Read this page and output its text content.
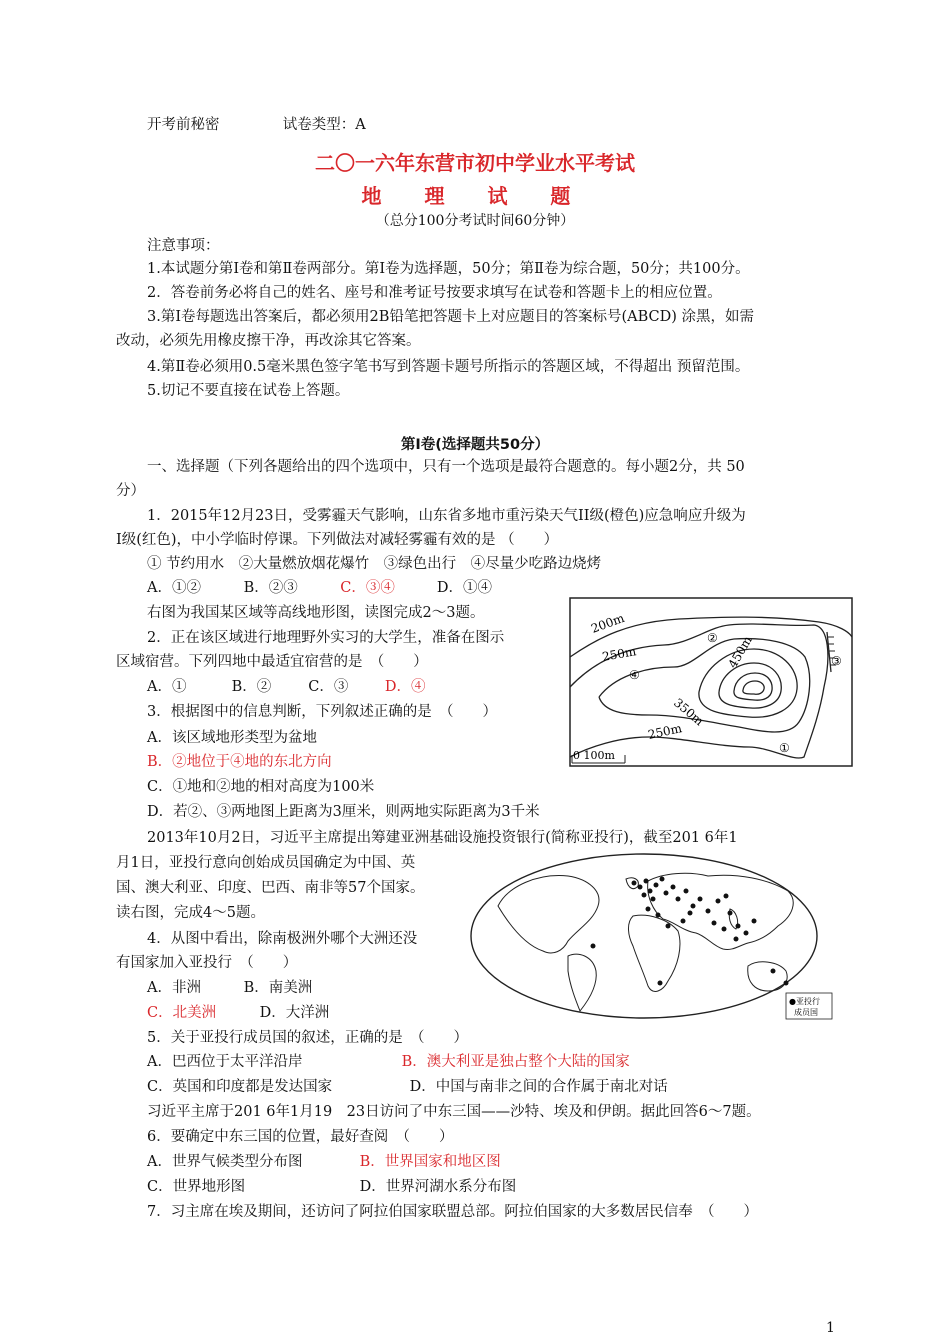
开考前秘密	试卷类型：A
二〇一六年东营市初中学业水平考试
地 理 试 题
（总分100分考试时间60分钟）
注意事项：
1.本试题分第Ⅰ卷和第Ⅱ卷两部分。第Ⅰ卷为选择题，50分；第Ⅱ卷为综合题，50分；共100分。
2．答卷前务必将自己的姓名、座号和准考证号按要求填写在试卷和答题卡上的相应位置。
3.第Ⅰ卷每题选出答案后，都必须用2B铅笔把答题卡上对应题目的答案标号(ABCD) 涂黑，如需
改动，必须先用橡皮擦干净，再改涂其它答案。
4.第Ⅱ卷必须用0.5毫米黑色签字笔书写到答题卡题号所指示的答题区域，不得超出 预留范围。
5.切记不要直接在试卷上答题。
第Ⅰ卷(选择题共50分）
一、选择题（下列各题给出的四个选项中，只有一个选项是最符合题意的。每小题2分，共 50
分）
1．2015年12月23日，受雾霾天气影响，山东省多地市重污染天气II级(橙色)应急响应升级为
I级(红色)，中小学临时停课。下列做法对减轻雾霾有效的是 （　　）
① 节约用水　②大量燃放烟花爆竹　③绿色出行　④尽量少吃路边烧烤
A．①②	B．②③	C．③④	D．①④
右图为我国某区域等高线地形图，读图完成2～3题。
2．正在该区域进行地理野外实习的大学生，准备在图示
区域宿营。下列四地中最适宜宿营的是　（　　）
A．①	B．②	C．③	D．④
3．根据图中的信息判断，下列叙述正确的是　（　　）
A．该区域地形类型为盆地
B．②地位于④地的东北方向
C．①地和②地的相对高度为100米
D．若②、③两地图上距离为3厘米，则两地实际距离为3千米
200m
250m	450m
350m
250m
②
③
④
①
0 100m
2013年10月2日，习近平主席提出筹建亚洲基础设施投资银行(简称亚投行)，截至201 6年1
月1日，亚投行意向创始成员国确定为中国、英
国、澳大利亚、印度、巴西、南非等57个国家。
读右图，完成4～5题。
4．从图中看出，除南极洲外哪个大洲还没
有国家加入亚投行　（　　）
A．非洲	B．南美洲
C．北美洲	D．大洋洲
●亚投行
成员国
5．关于亚投行成员国的叙述，正确的是　（　　）
A．巴西位于太平洋沿岸	B．澳大利亚是独占整个大陆的国家
C．英国和印度都是发达国家	D．中国与南非之间的合作属于南北对话
习近平主席于201 6年1月19　23日访问了中东三国——沙特、埃及和伊朗。据此回答6～7题。
6．要确定中东三国的位置，最好查阅　（　　）
A．世界气候类型分布图	B．世界国家和地区图
C．世界地形图	D．世界河湖水系分布图
7．习主席在埃及期间，还访问了阿拉伯国家联盟总部。阿拉伯国家的大多数居民信奉　（　　）
1
